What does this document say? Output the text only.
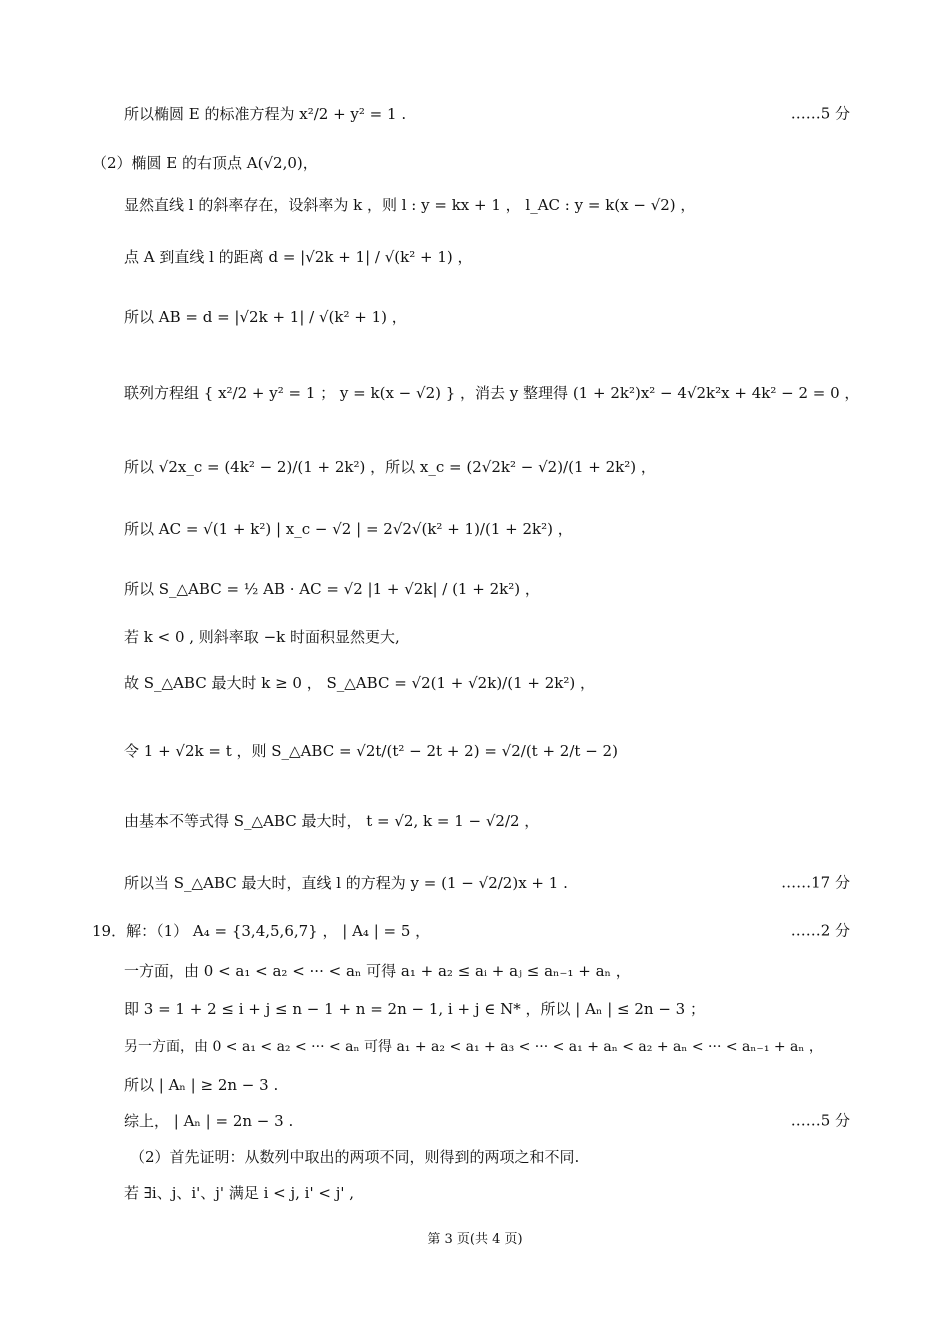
所以椭圆 E 的标准方程为 x²/2 + y² = 1 .	……5 分
（2）椭圆 E 的右顶点 A(√2,0)，
显然直线 l 的斜率存在，设斜率为 k ，则 l : y = kx + 1 ， l_AC : y = k(x − √2) ，
点 A 到直线 l 的距离 d = |√2k + 1| / √(k² + 1) ，
所以 AB = d = |√2k + 1| / √(k² + 1) ，
联列方程组 { x²/2 + y² = 1 ； y = k(x − √2) } ，消去 y 整理得 (1 + 2k²)x² − 4√2k²x + 4k² − 2 = 0 ，
所以 √2x_c = (4k² − 2)/(1 + 2k²) ，所以 x_c = (2√2k² − √2)/(1 + 2k²) ，
所以 AC = √(1 + k²) | x_c − √2 | = 2√2√(k² + 1)/(1 + 2k²) ，
所以 S_△ABC = ½ AB · AC = √2 |1 + √2k| / (1 + 2k²) ，
若 k < 0 , 则斜率取 −k 时面积显然更大,
故 S_△ABC 最大时 k ≥ 0 ， S_△ABC = √2(1 + √2k)/(1 + 2k²) ，
令 1 + √2k = t ，则 S_△ABC = √2t/(t² − 2t + 2) = √2/(t + 2/t − 2)
由基本不等式得 S_△ABC 最大时， t = √2, k = 1 − √2/2 ，
所以当 S_△ABC 最大时，直线 l 的方程为 y = (1 − √2/2)x + 1 .	……17 分
19．解：（1） A₄ = {3,4,5,6,7} ， | A₄ | = 5 ，	……2 分
一方面，由 0 < a₁ < a₂ < ··· < aₙ 可得 a₁ + a₂ ≤ aᵢ + aⱼ ≤ aₙ₋₁ + aₙ ，
即 3 = 1 + 2 ≤ i + j ≤ n − 1 + n = 2n − 1, i + j ∈ N* ，所以 | Aₙ | ≤ 2n − 3 ；
另一方面，由 0 < a₁ < a₂ < ··· < aₙ 可得 a₁ + a₂ < a₁ + a₃ < ··· < a₁ + aₙ < a₂ + aₙ < ··· < aₙ₋₁ + aₙ ，
所以 | Aₙ | ≥ 2n − 3 .
综上， | Aₙ | = 2n − 3 .	……5 分
（2）首先证明：从数列中取出的两项不同，则得到的两项之和不同.
若 ∃i、j、i'、j' 满足 i < j, i' < j' ,
第 3 页(共 4 页)
